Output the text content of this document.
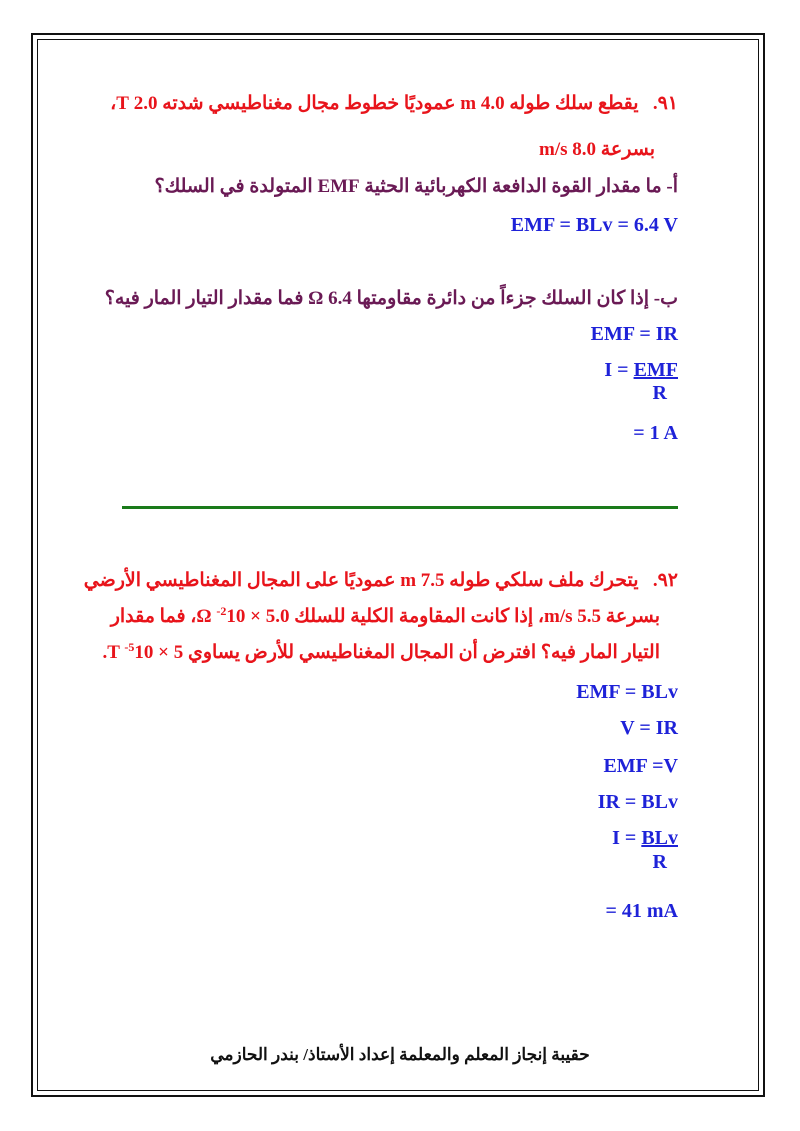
٩١.   يقطع سلك طوله 4.0 m عموديًا خطوط مجال مغناطيسي شدته 2.0 T،
بسرعة 8.0 m/s
أ- ما مقدار القوة الدافعة الكهربائية الحثية EMF المتولدة في السلك؟
EMF = BLv = 6.4 V
ب- إذا كان السلك جزءاً من دائرة مقاومتها Ω 6.4 فما مقدار التيار المار فيه؟
EMF = IR
I = EMF
R
= 1 A
٩٢.   يتحرك ملف سلكي طوله 7.5 m عموديًا على المجال المغناطيسي الأرضي
بسرعة 5.5 m/s، إذا كانت المقاومة الكلية للسلك Ω $^{-2}$10 × 5.0، فما مقدار
التيار المار فيه؟ افترض أن المجال المغناطيسي للأرض يساوي T $^{-5}$10 × 5.
EMF = BLv
V = IR
EMF =V
IR = BLv
I = BLv
R
= 41 mA
حقيبة إنجاز المعلم والمعلمة إعداد الأستاذ/ بندر الحازمي
